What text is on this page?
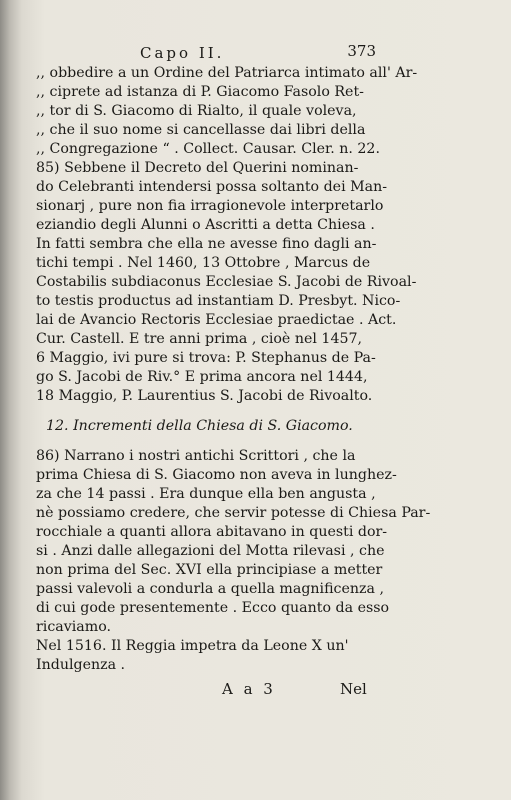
Capo II.	373
,, obbedire a un Ordine del Patriarca intimato all' Ar-
,, ciprete ad istanza di P. Giacomo Fasolo Ret-
,, tor di S. Giacomo di Rialto, il quale voleva,
,, che il suo nome si cancellasse dai libri della
,, Congregazione “ . Collect. Causar. Cler. n. 22.
85) Sebbene il Decreto del Querini nominan-
do Celebranti intendersi possa soltanto dei Man-
sionarj , pure non fia irragionevole interpretarlo
eziandio degli Alunni o Ascritti a detta Chiesa .
In fatti sembra che ella ne avesse fino dagli an-
tichi tempi . Nel 1460, 13 Ottobre , Marcus de
Costabilis subdiaconus Ecclesiae S. Jacobi de Rivoal-
to testis productus ad instantiam D. Presbyt. Nico-
lai de Avancio Rectoris Ecclesiae praedictae . Act.
Cur. Castell. E tre anni prima , cioè nel 1457,
6 Maggio, ivi pure si trova: P. Stephanus de Pa-
go S. Jacobi de Riv.° E prima ancora nel 1444,
18 Maggio, P. Laurentius S. Jacobi de Rivoalto.
12. Incrementi della Chiesa di S. Giacomo.
86) Narrano i nostri antichi Scrittori , che la
prima Chiesa di S. Giacomo non aveva in lunghez-
za che 14 passi . Era dunque ella ben angusta ,
nè possiamo credere, che servir potesse di Chiesa Par-
rocchiale a quanti allora abitavano in questi dor-
si . Anzi dalle allegazioni del Motta rilevasi , che
non prima del Sec. XVI ella principiase a metter
passi valevoli a condurla a quella magnificenza ,
di cui gode presentemente . Ecco quanto da esso
ricaviamo.
Nel 1516. Il Reggia impetra da Leone X un'
Indulgenza .
A a 3	Nel
